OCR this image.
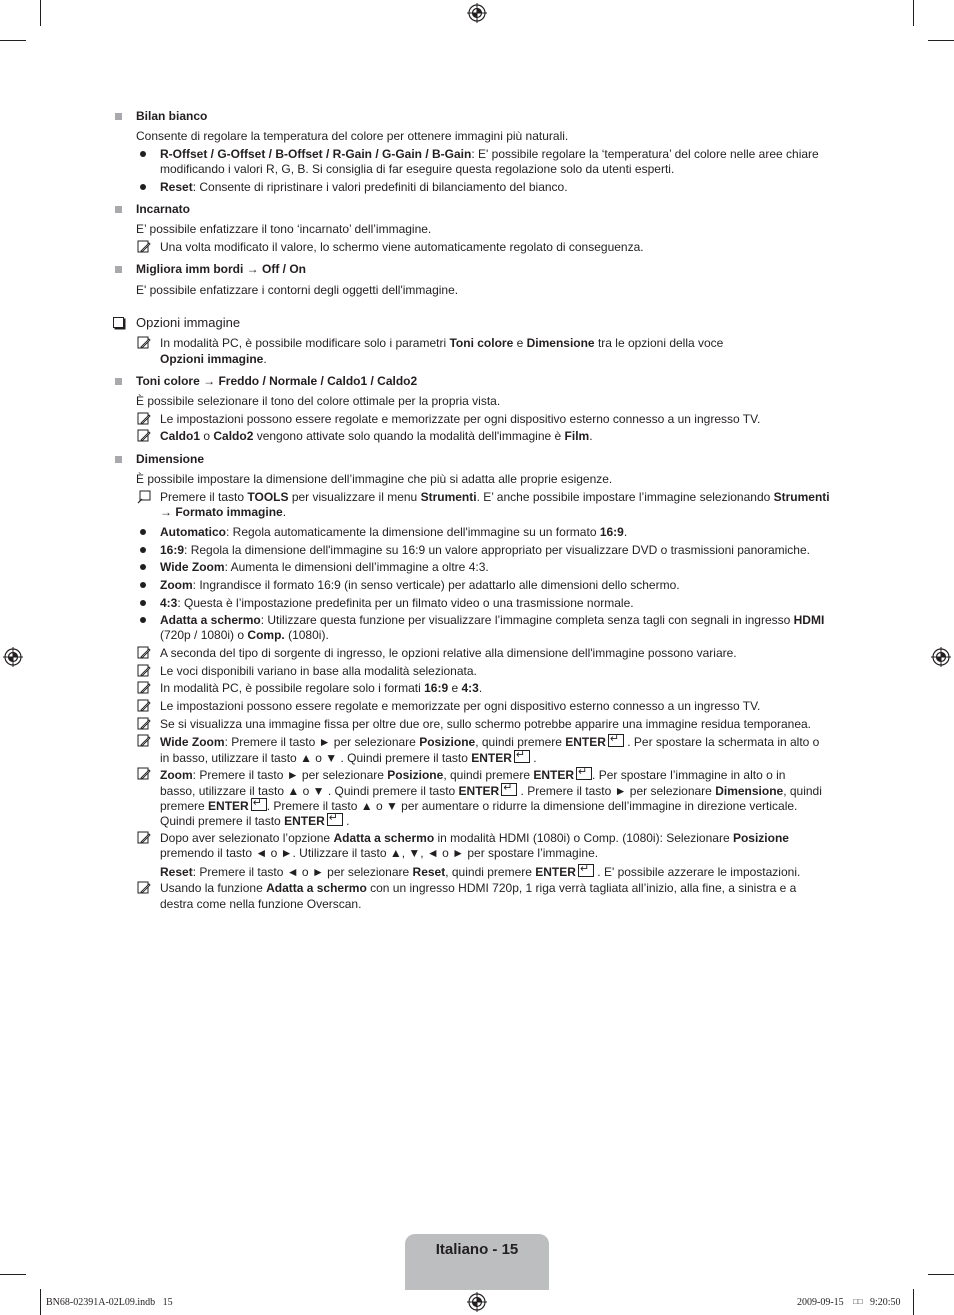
Bilan bianco
Consente di regolare la temperatura del colore per ottenere immagini più naturali.
R-Offset / G-Offset / B-Offset / R-Gain / G-Gain / B-Gain: E' possibile regolare la ‘temperatura’ del colore nelle aree chiare
modificando i valori R, G, B. Si consiglia di far eseguire questa regolazione solo da utenti esperti.
Reset: Consente di ripristinare i valori predefiniti di bilanciamento del bianco.
Incarnato
E’ possibile enfatizzare il tono ‘incarnato’ dell’immagine.
Una volta modificato il valore, lo schermo viene automaticamente regolato di conseguenza.
Migliora imm bordi → Off / On
E' possibile enfatizzare i contorni degli oggetti dell'immagine.
Opzioni immagine
In modalità PC, è possibile modificare solo i parametri Toni colore e Dimensione tra le opzioni della voce
Opzioni immagine.
Toni colore → Freddo / Normale / Caldo1 / Caldo2
È possibile selezionare il tono del colore ottimale per la propria vista.
Le impostazioni possono essere regolate e memorizzate per ogni dispositivo esterno connesso a un ingresso TV.
Caldo1 o Caldo2 vengono attivate solo quando la modalità dell'immagine è Film.
Dimensione
È possibile impostare la dimensione dell’immagine che più si adatta alle proprie esigenze.
Premere il tasto TOOLS per visualizzare il menu Strumenti. E’ anche possibile impostare l’immagine selezionando Strumenti
→ Formato immagine.
Automatico: Regola automaticamente la dimensione dell'immagine su un formato 16:9.
16:9: Regola la dimensione dell'immagine su 16:9 un valore appropriato per visualizzare DVD o trasmissioni panoramiche.
Wide Zoom: Aumenta le dimensioni dell’immagine a oltre 4:3.
Zoom: Ingrandisce il formato 16:9 (in senso verticale) per adattarlo alle dimensioni dello schermo.
4:3: Questa è l’impostazione predefinita per un filmato video o una trasmissione normale.
Adatta a schermo: Utilizzare questa funzione per visualizzare l’immagine completa senza tagli con segnali in ingresso HDMI
(720p / 1080i) o Comp. (1080i).
A seconda del tipo di sorgente di ingresso, le opzioni relative alla dimensione dell'immagine possono variare.
Le voci disponibili variano in base alla modalità selezionata.
In modalità PC, è possibile regolare solo i formati 16:9 e 4:3.
Le impostazioni possono essere regolate e memorizzate per ogni dispositivo esterno connesso a un ingresso TV.
Se si visualizza una immagine fissa per oltre due ore, sullo schermo potrebbe apparire una immagine residua temporanea.
Wide Zoom: Premere il tasto ► per selezionare Posizione, quindi premere ENTER↵ . Per spostare la schermata in alto o
in basso, utilizzare il tasto ▲ o ▼ . Quindi premere il tasto ENTER↵ .
Zoom: Premere il tasto ► per selezionare Posizione, quindi premere ENTER ↵ . Per spostare l’immagine in alto o in
basso, utilizzare il tasto ▲ o ▼ . Quindi premere il tasto ENTER↵ . Premere il tasto ► per selezionare Dimensione, quindi
premere ENTER ↵ . Premere il tasto ▲ o ▼ per aumentare o ridurre la dimensione dell’immagine in direzione verticale.
Quindi premere il tasto ENTER↵ .
Dopo aver selezionato l’opzione Adatta a schermo in modalità HDMI (1080i) o Comp. (1080i): Selezionare Posizione
premendo il tasto ◄ o ►. Utilizzare il tasto ▲, ▼, ◄ o ► per spostare l’immagine.
Reset: Premere il tasto ◄ o ► per selezionare Reset, quindi premere ENTER↵ . E' possibile azzerare le impostazioni.
Usando la funzione Adatta a schermo con un ingresso HDMI 720p, 1 riga verrà tagliata all’inizio, alla fine, a sinistra e a
destra come nella funzione Overscan.
Italiano - 15
BN68-02391A-02L09.indb   15	2009-09-15 □□ 9:20:50
